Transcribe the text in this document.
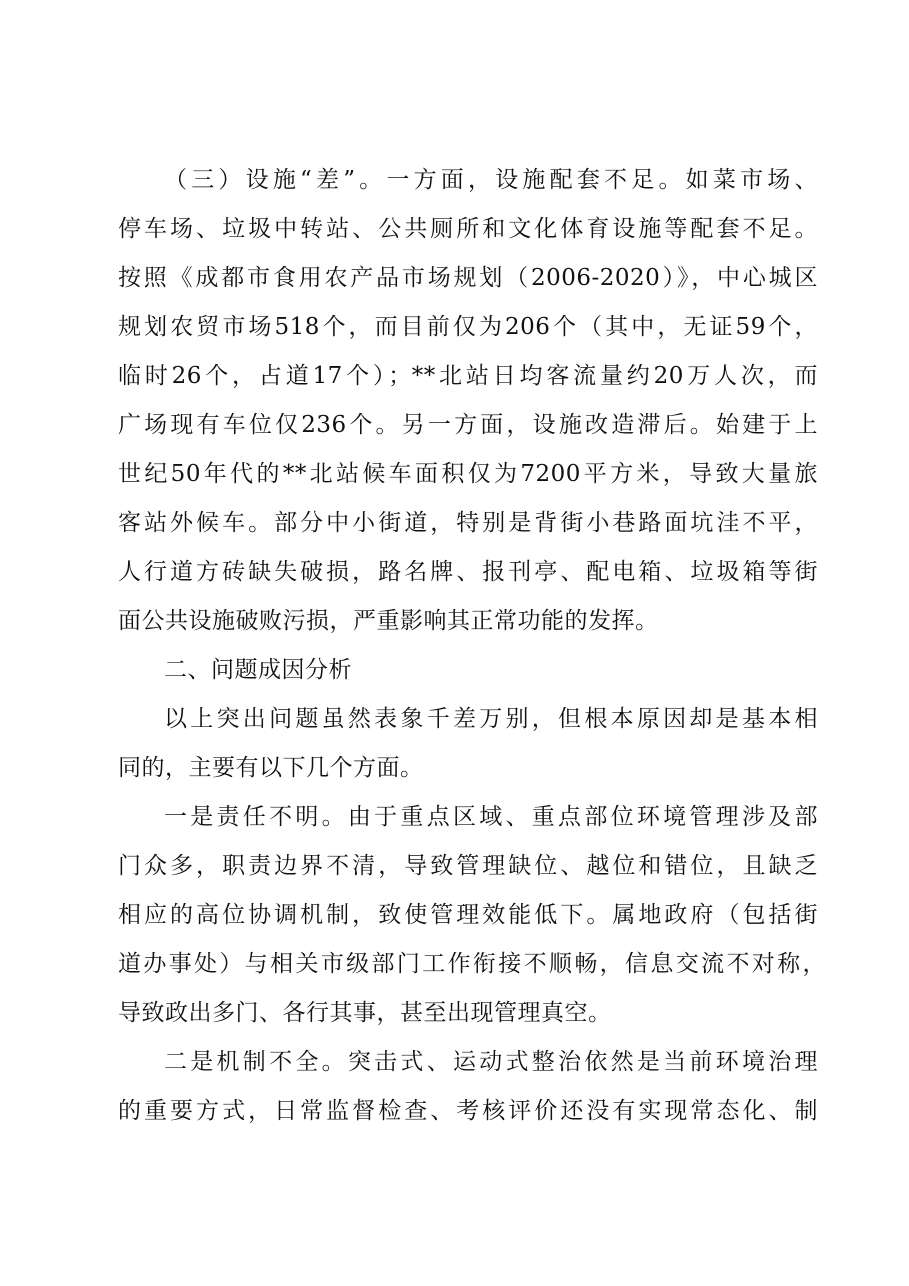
（三）设施“差”。一方面，设施配套不足。如菜市场、
停车场、垃圾中转站、公共厕所和文化体育设施等配套不足。
按照《成都市食用农产品市场规划（2006-2020）》，中心城区
规划农贸市场518个，而目前仅为206个（其中，无证59个，
临时26个，占道17个）；**北站日均客流量约20万人次，而
广场现有车位仅236个。另一方面，设施改造滞后。始建于上
世纪50年代的**北站候车面积仅为7200平方米，导致大量旅
客站外候车。部分中小街道，特别是背街小巷路面坑洼不平，
人行道方砖缺失破损，路名牌、报刊亭、配电箱、垃圾箱等街
面公共设施破败污损，严重影响其正常功能的发挥。
二、问题成因分析
以上突出问题虽然表象千差万别，但根本原因却是基本相
同的，主要有以下几个方面。
一是责任不明。由于重点区域、重点部位环境管理涉及部
门众多，职责边界不清，导致管理缺位、越位和错位，且缺乏
相应的高位协调机制，致使管理效能低下。属地政府（包括街
道办事处）与相关市级部门工作衔接不顺畅，信息交流不对称，
导致政出多门、各行其事，甚至出现管理真空。
二是机制不全。突击式、运动式整治依然是当前环境治理
的重要方式，日常监督检查、考核评价还没有实现常态化、制
